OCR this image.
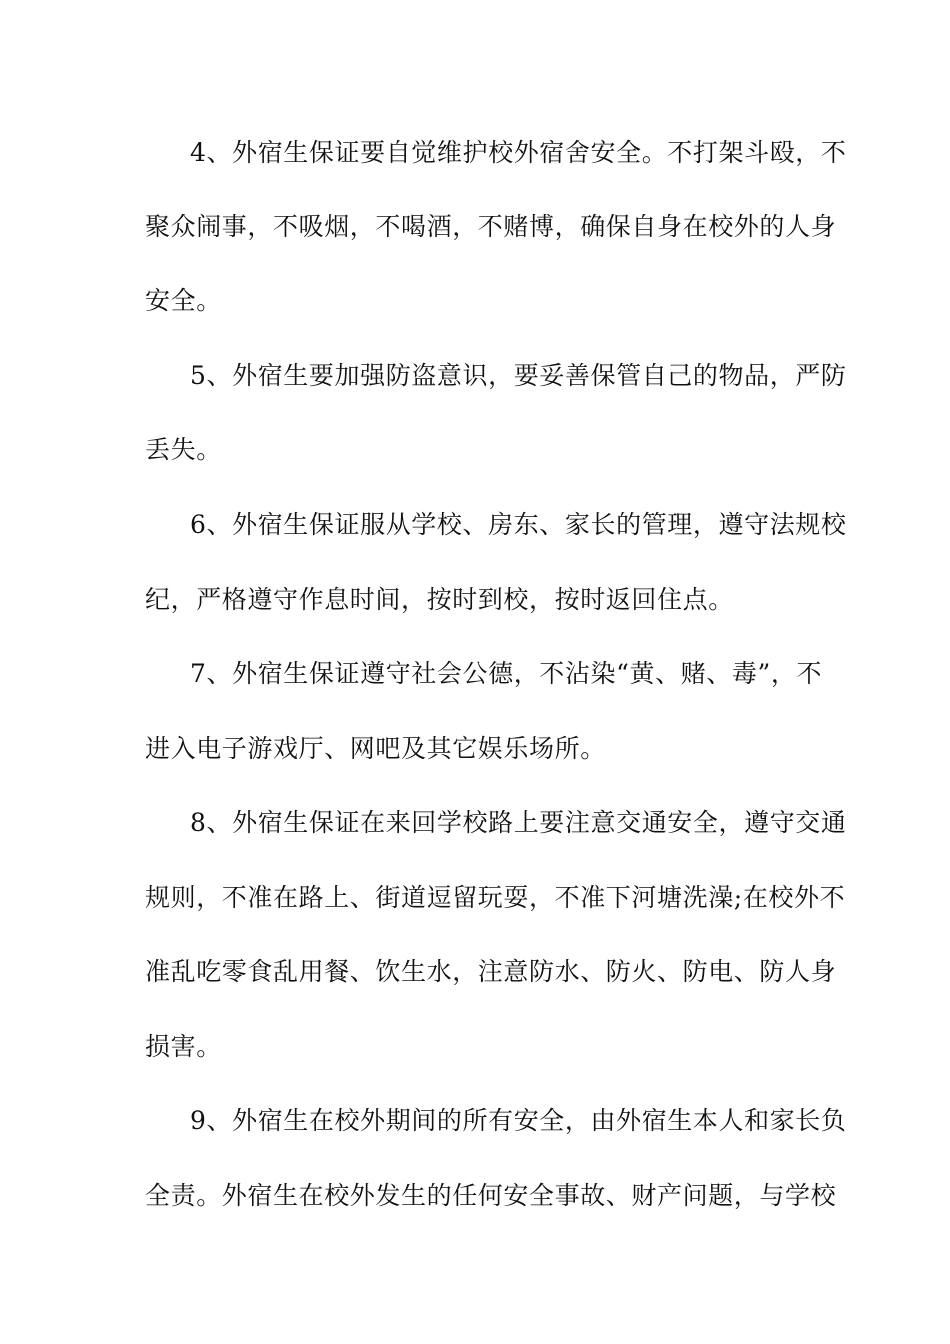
4、外宿生保证要自觉维护校外宿舍安全。不打架斗殴，不
聚众闹事，不吸烟，不喝酒，不赌博，确保自身在校外的人身
安全。
5、外宿生要加强防盗意识，要妥善保管自己的物品，严防
丢失。
6、外宿生保证服从学校、房东、家长的管理，遵守法规校
纪，严格遵守作息时间，按时到校，按时返回住点。
7、外宿生保证遵守社会公德，不沾染“黄、赌、毒”，不
进入电子游戏厅、网吧及其它娱乐场所。
8、外宿生保证在来回学校路上要注意交通安全，遵守交通
规则，不准在路上、街道逗留玩耍，不准下河塘洗澡;在校外不
准乱吃零食乱用餐、饮生水，注意防水、防火、防电、防人身
损害。
9、外宿生在校外期间的所有安全，由外宿生本人和家长负
全责。外宿生在校外发生的任何安全事故、财产问题，与学校
